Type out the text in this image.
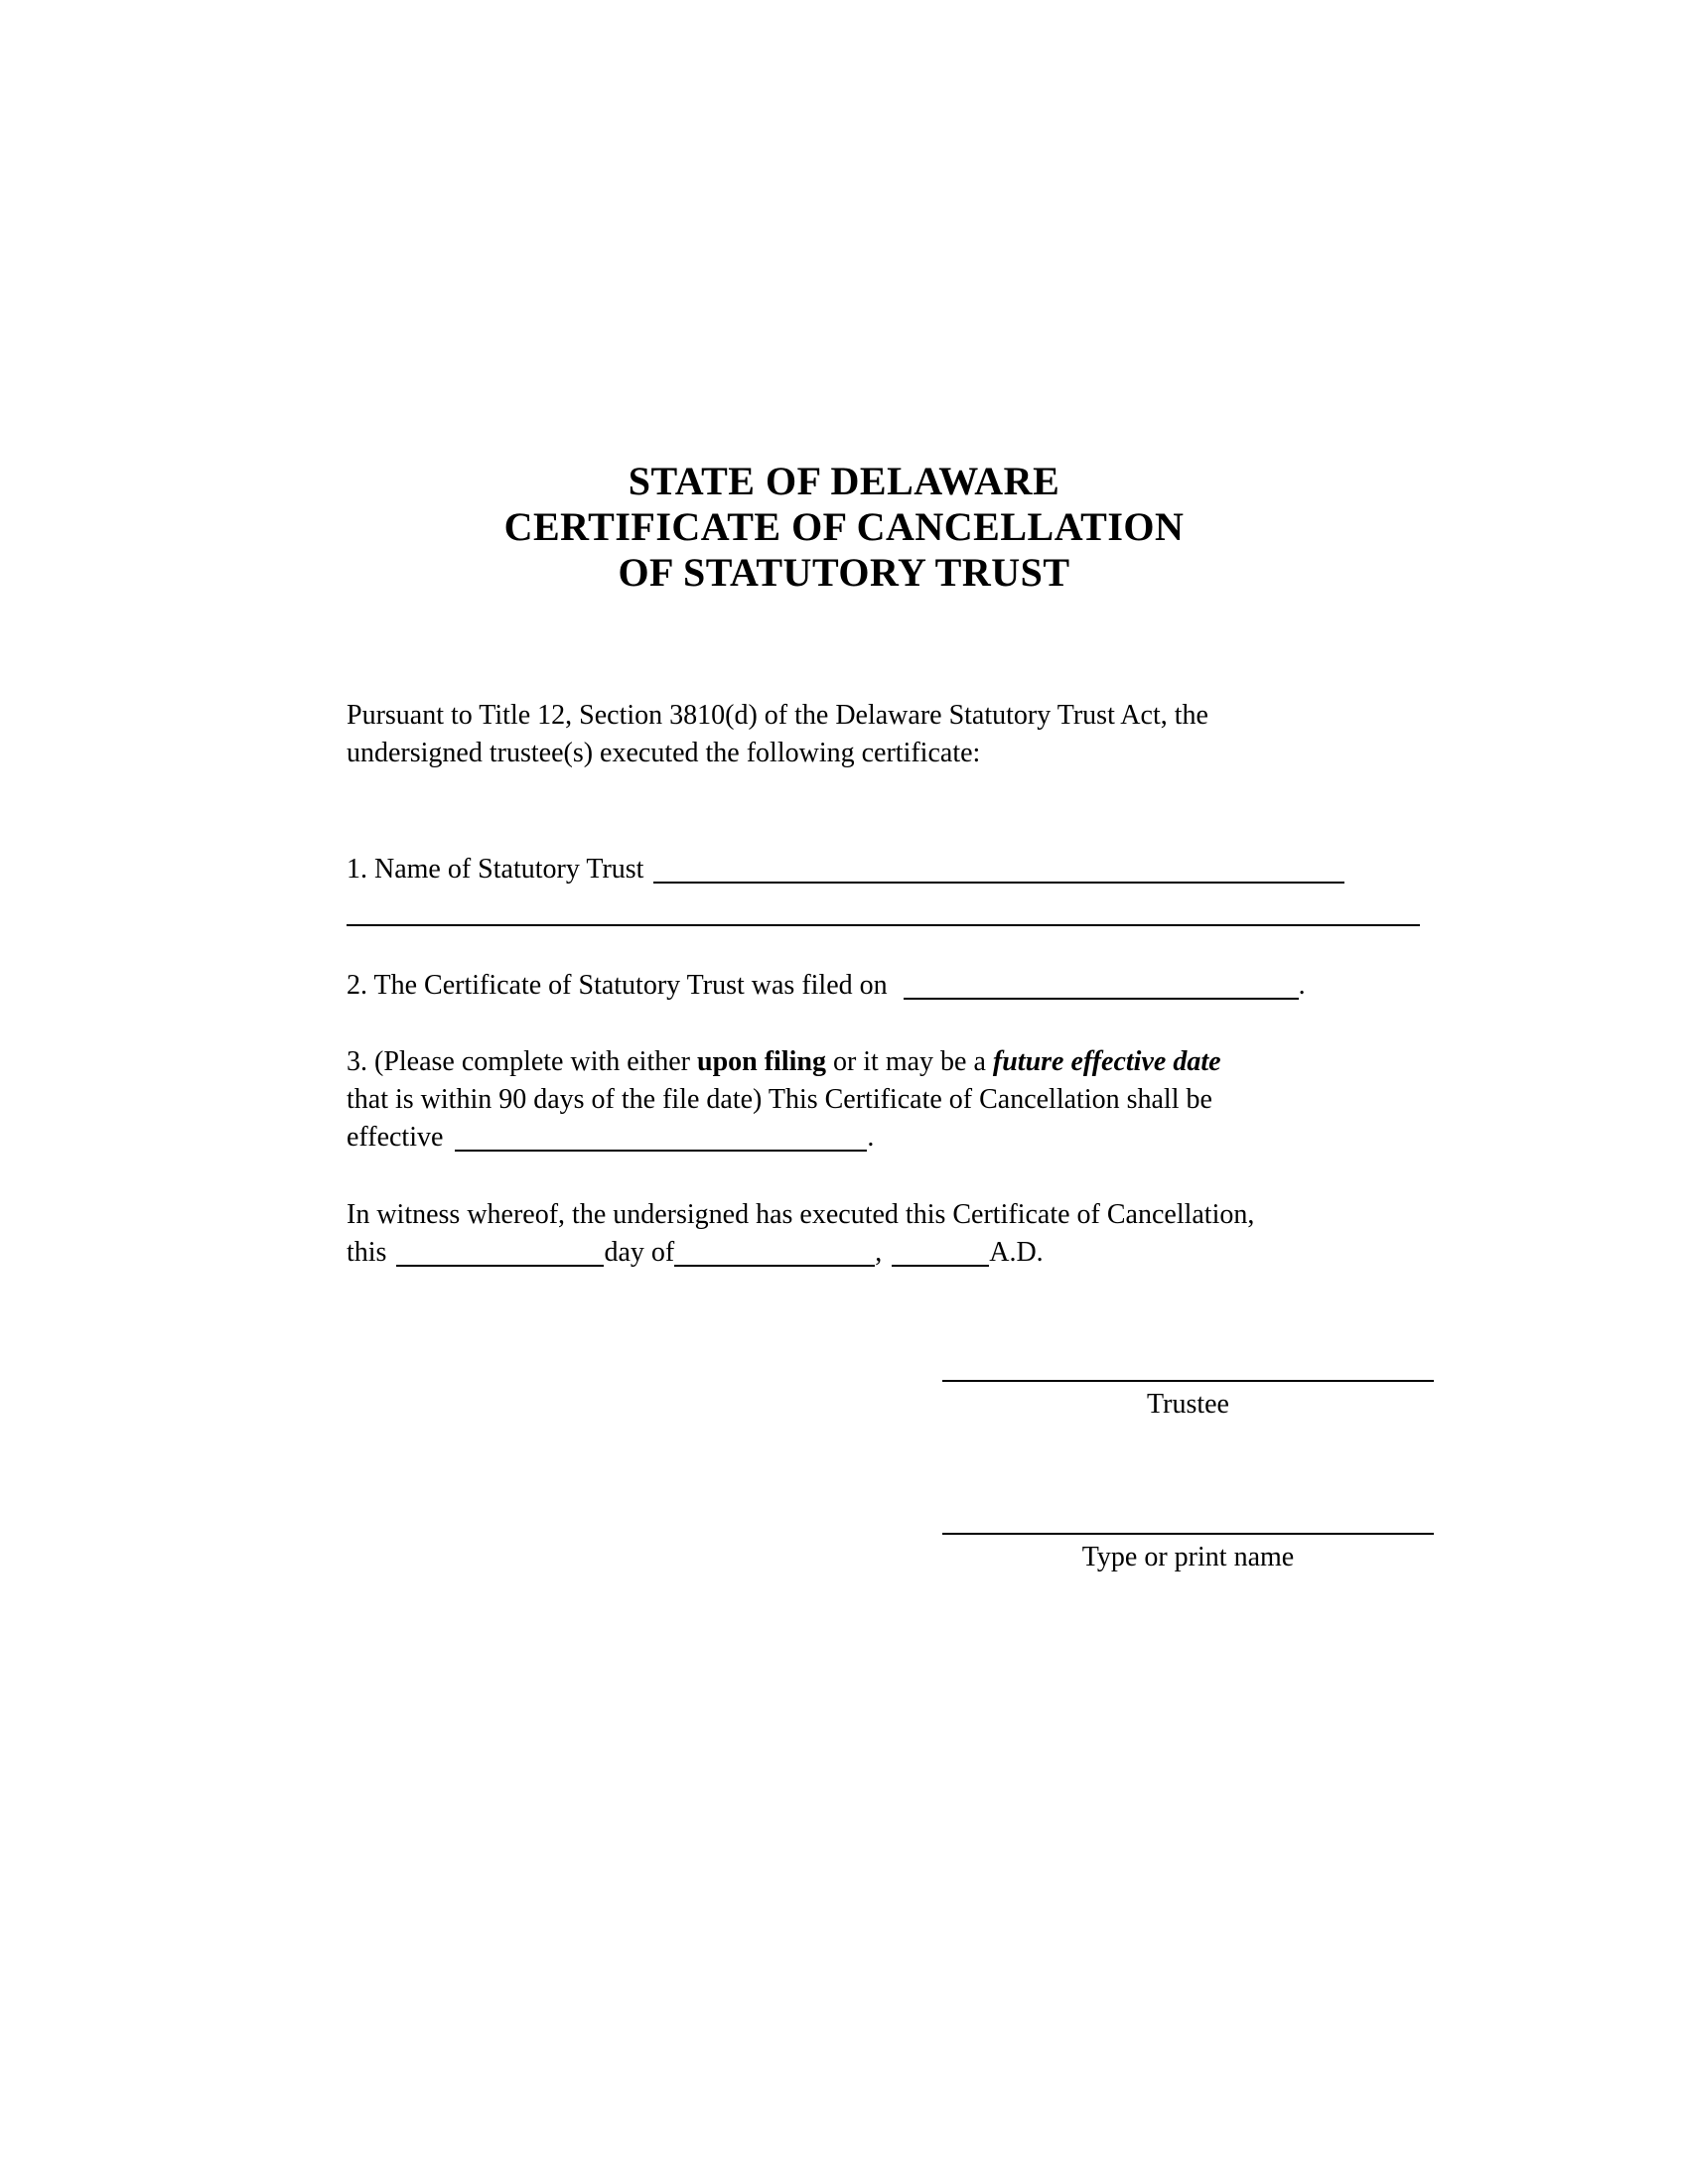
STATE OF DELAWARE
CERTIFICATE OF CANCELLATION
OF STATUTORY TRUST
Pursuant to Title 12, Section 3810(d) of the Delaware Statutory Trust Act, the
undersigned trustee(s) executed the following certificate:
1. Name of Statutory Trust
2. The Certificate of Statutory Trust was filed on	.
3. (Please complete with either upon filing or it may be a future effective date
that is within 90 days of the file date) This Certificate of Cancellation shall be
effective	.
In witness whereof, the undersigned has executed this Certificate of Cancellation,
this	day of	,	A.D.
Trustee
Type or print name
